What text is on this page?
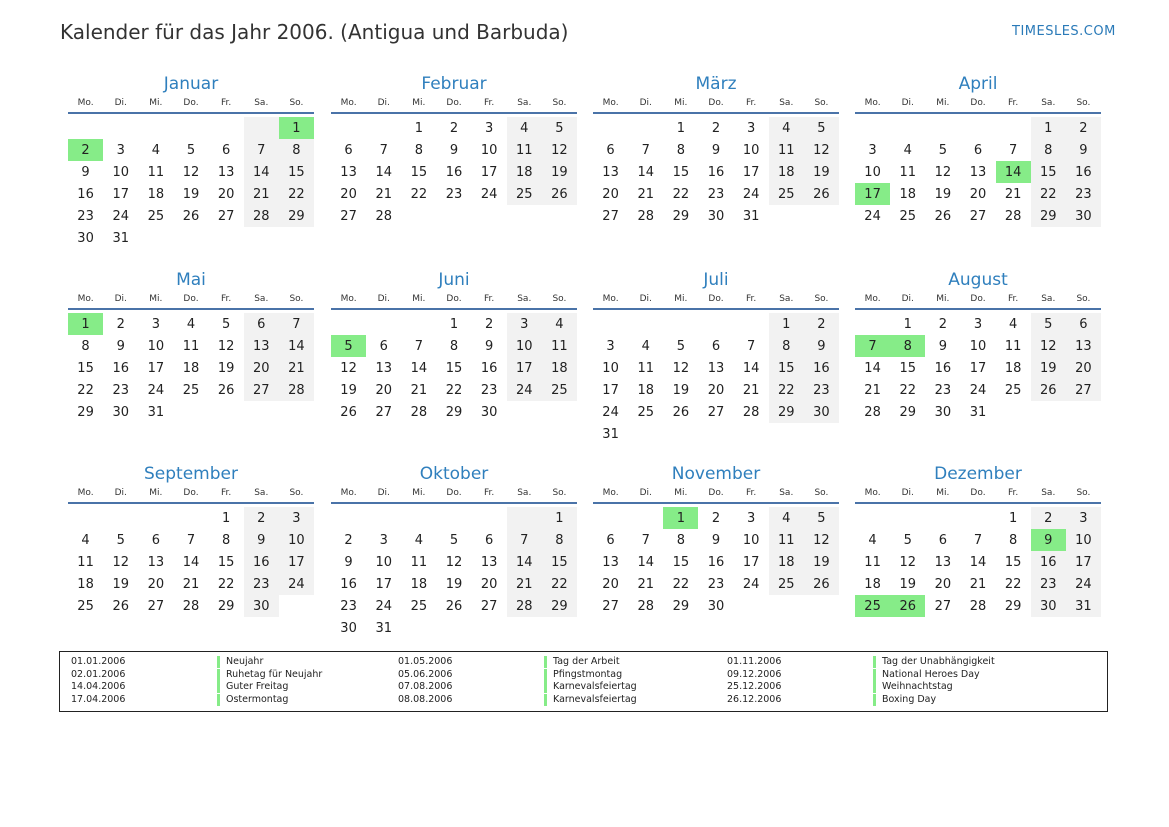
Kalender für das Jahr 2006. (Antigua und Barbuda)	TIMESLES.COM
Januar
Mo.	Di.	Mi.	Do.	Fr.	Sa.	So.

						1
2	3	4	5	6	7	8
9	10	11	12	13	14	15
16	17	18	19	20	21	22
23	24	25	26	27	28	29
30	31					
Februar
Mo.	Di.	Mi.	Do.	Fr.	Sa.	So.

		1	2	3	4	5
6	7	8	9	10	11	12
13	14	15	16	17	18	19
20	21	22	23	24	25	26
27	28					
März
Mo.	Di.	Mi.	Do.	Fr.	Sa.	So.

		1	2	3	4	5
6	7	8	9	10	11	12
13	14	15	16	17	18	19
20	21	22	23	24	25	26
27	28	29	30	31		
April
Mo.	Di.	Mi.	Do.	Fr.	Sa.	So.

					1	2
3	4	5	6	7	8	9
10	11	12	13	14	15	16
17	18	19	20	21	22	23
24	25	26	27	28	29	30
Mai
Mo.	Di.	Mi.	Do.	Fr.	Sa.	So.

1	2	3	4	5	6	7
8	9	10	11	12	13	14
15	16	17	18	19	20	21
22	23	24	25	26	27	28
29	30	31				
Juni
Mo.	Di.	Mi.	Do.	Fr.	Sa.	So.

			1	2	3	4
5	6	7	8	9	10	11
12	13	14	15	16	17	18
19	20	21	22	23	24	25
26	27	28	29	30		
Juli
Mo.	Di.	Mi.	Do.	Fr.	Sa.	So.

					1	2
3	4	5	6	7	8	9
10	11	12	13	14	15	16
17	18	19	20	21	22	23
24	25	26	27	28	29	30
31						
August
Mo.	Di.	Mi.	Do.	Fr.	Sa.	So.

	1	2	3	4	5	6
7	8	9	10	11	12	13
14	15	16	17	18	19	20
21	22	23	24	25	26	27
28	29	30	31			
September
Mo.	Di.	Mi.	Do.	Fr.	Sa.	So.

				1	2	3
4	5	6	7	8	9	10
11	12	13	14	15	16	17
18	19	20	21	22	23	24
25	26	27	28	29	30	
Oktober
Mo.	Di.	Mi.	Do.	Fr.	Sa.	So.

						1
2	3	4	5	6	7	8
9	10	11	12	13	14	15
16	17	18	19	20	21	22
23	24	25	26	27	28	29
30	31					
November
Mo.	Di.	Mi.	Do.	Fr.	Sa.	So.

		1	2	3	4	5
6	7	8	9	10	11	12
13	14	15	16	17	18	19
20	21	22	23	24	25	26
27	28	29	30			
Dezember
Mo.	Di.	Mi.	Do.	Fr.	Sa.	So.

				1	2	3
4	5	6	7	8	9	10
11	12	13	14	15	16	17
18	19	20	21	22	23	24
25	26	27	28	29	30	31
01.01.2006	Neujahr
02.01.2006	Ruhetag für Neujahr
14.04.2006	Guter Freitag
17.04.2006	Ostermontag
01.05.2006	Tag der Arbeit
05.06.2006	Pfingstmontag
07.08.2006	Karnevalsfeiertag
08.08.2006	Karnevalsfeiertag
01.11.2006	Tag der Unabhängigkeit
09.12.2006	National Heroes Day
25.12.2006	Weihnachtstag
26.12.2006	Boxing Day
